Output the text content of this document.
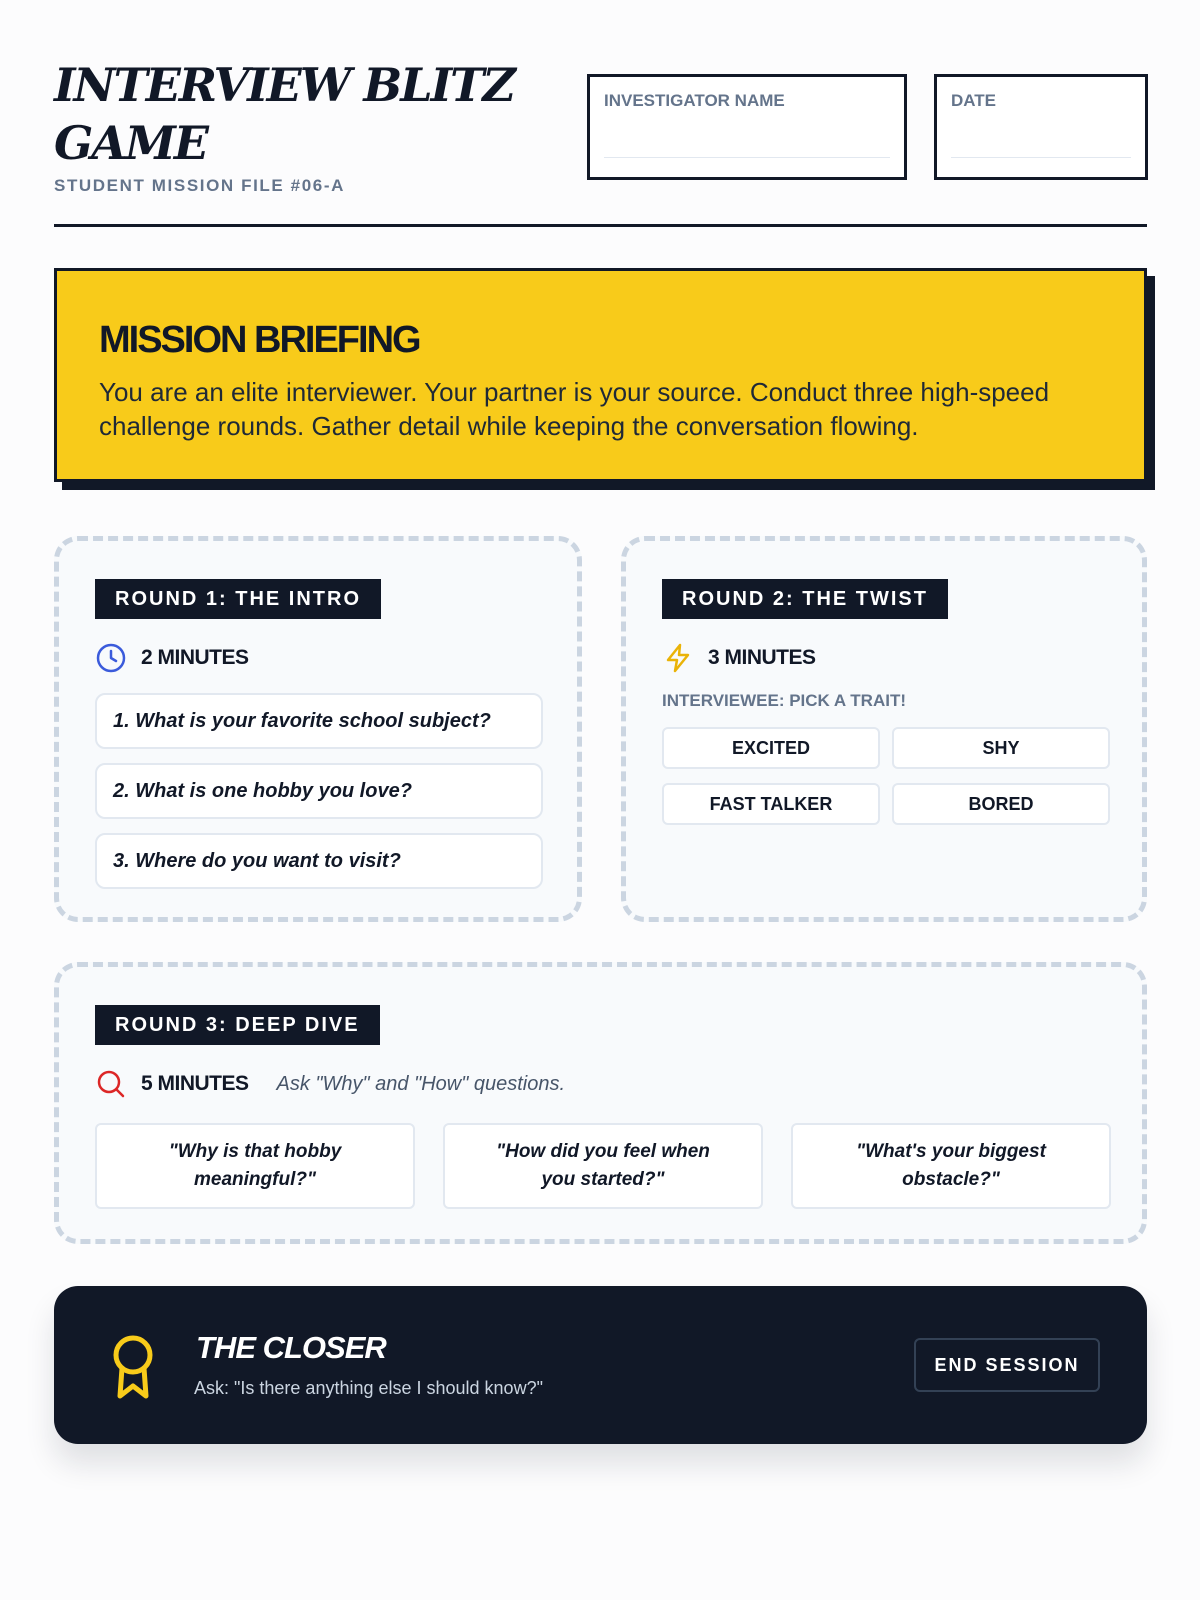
INTERVIEW BLITZ GAME
STUDENT MISSION FILE #06-A
INVESTIGATOR NAME	DATE
MISSION BRIEFING

You are an elite interviewer. Your partner is your source. Conduct three high-speed challenge rounds. Gather detail while keeping the conversation flowing.

ROUND 1: THE INTRO
2 MINUTES
1. What is your favorite school subject?
2. What is one hobby you love?
3. Where do you want to visit?
ROUND 2: THE TWIST
3 MINUTES
INTERVIEWEE: PICK A TRAIT!
EXCITED	SHY
FAST TALKER	BORED
ROUND 3: DEEP DIVE
5 MINUTES Ask "Why" and "How" questions.
"Why is that hobby meaningful?"
"How did you feel when you started?"
"What's your biggest obstacle?"
THE CLOSER
Ask: "Is there anything else I should know?"
END SESSION
